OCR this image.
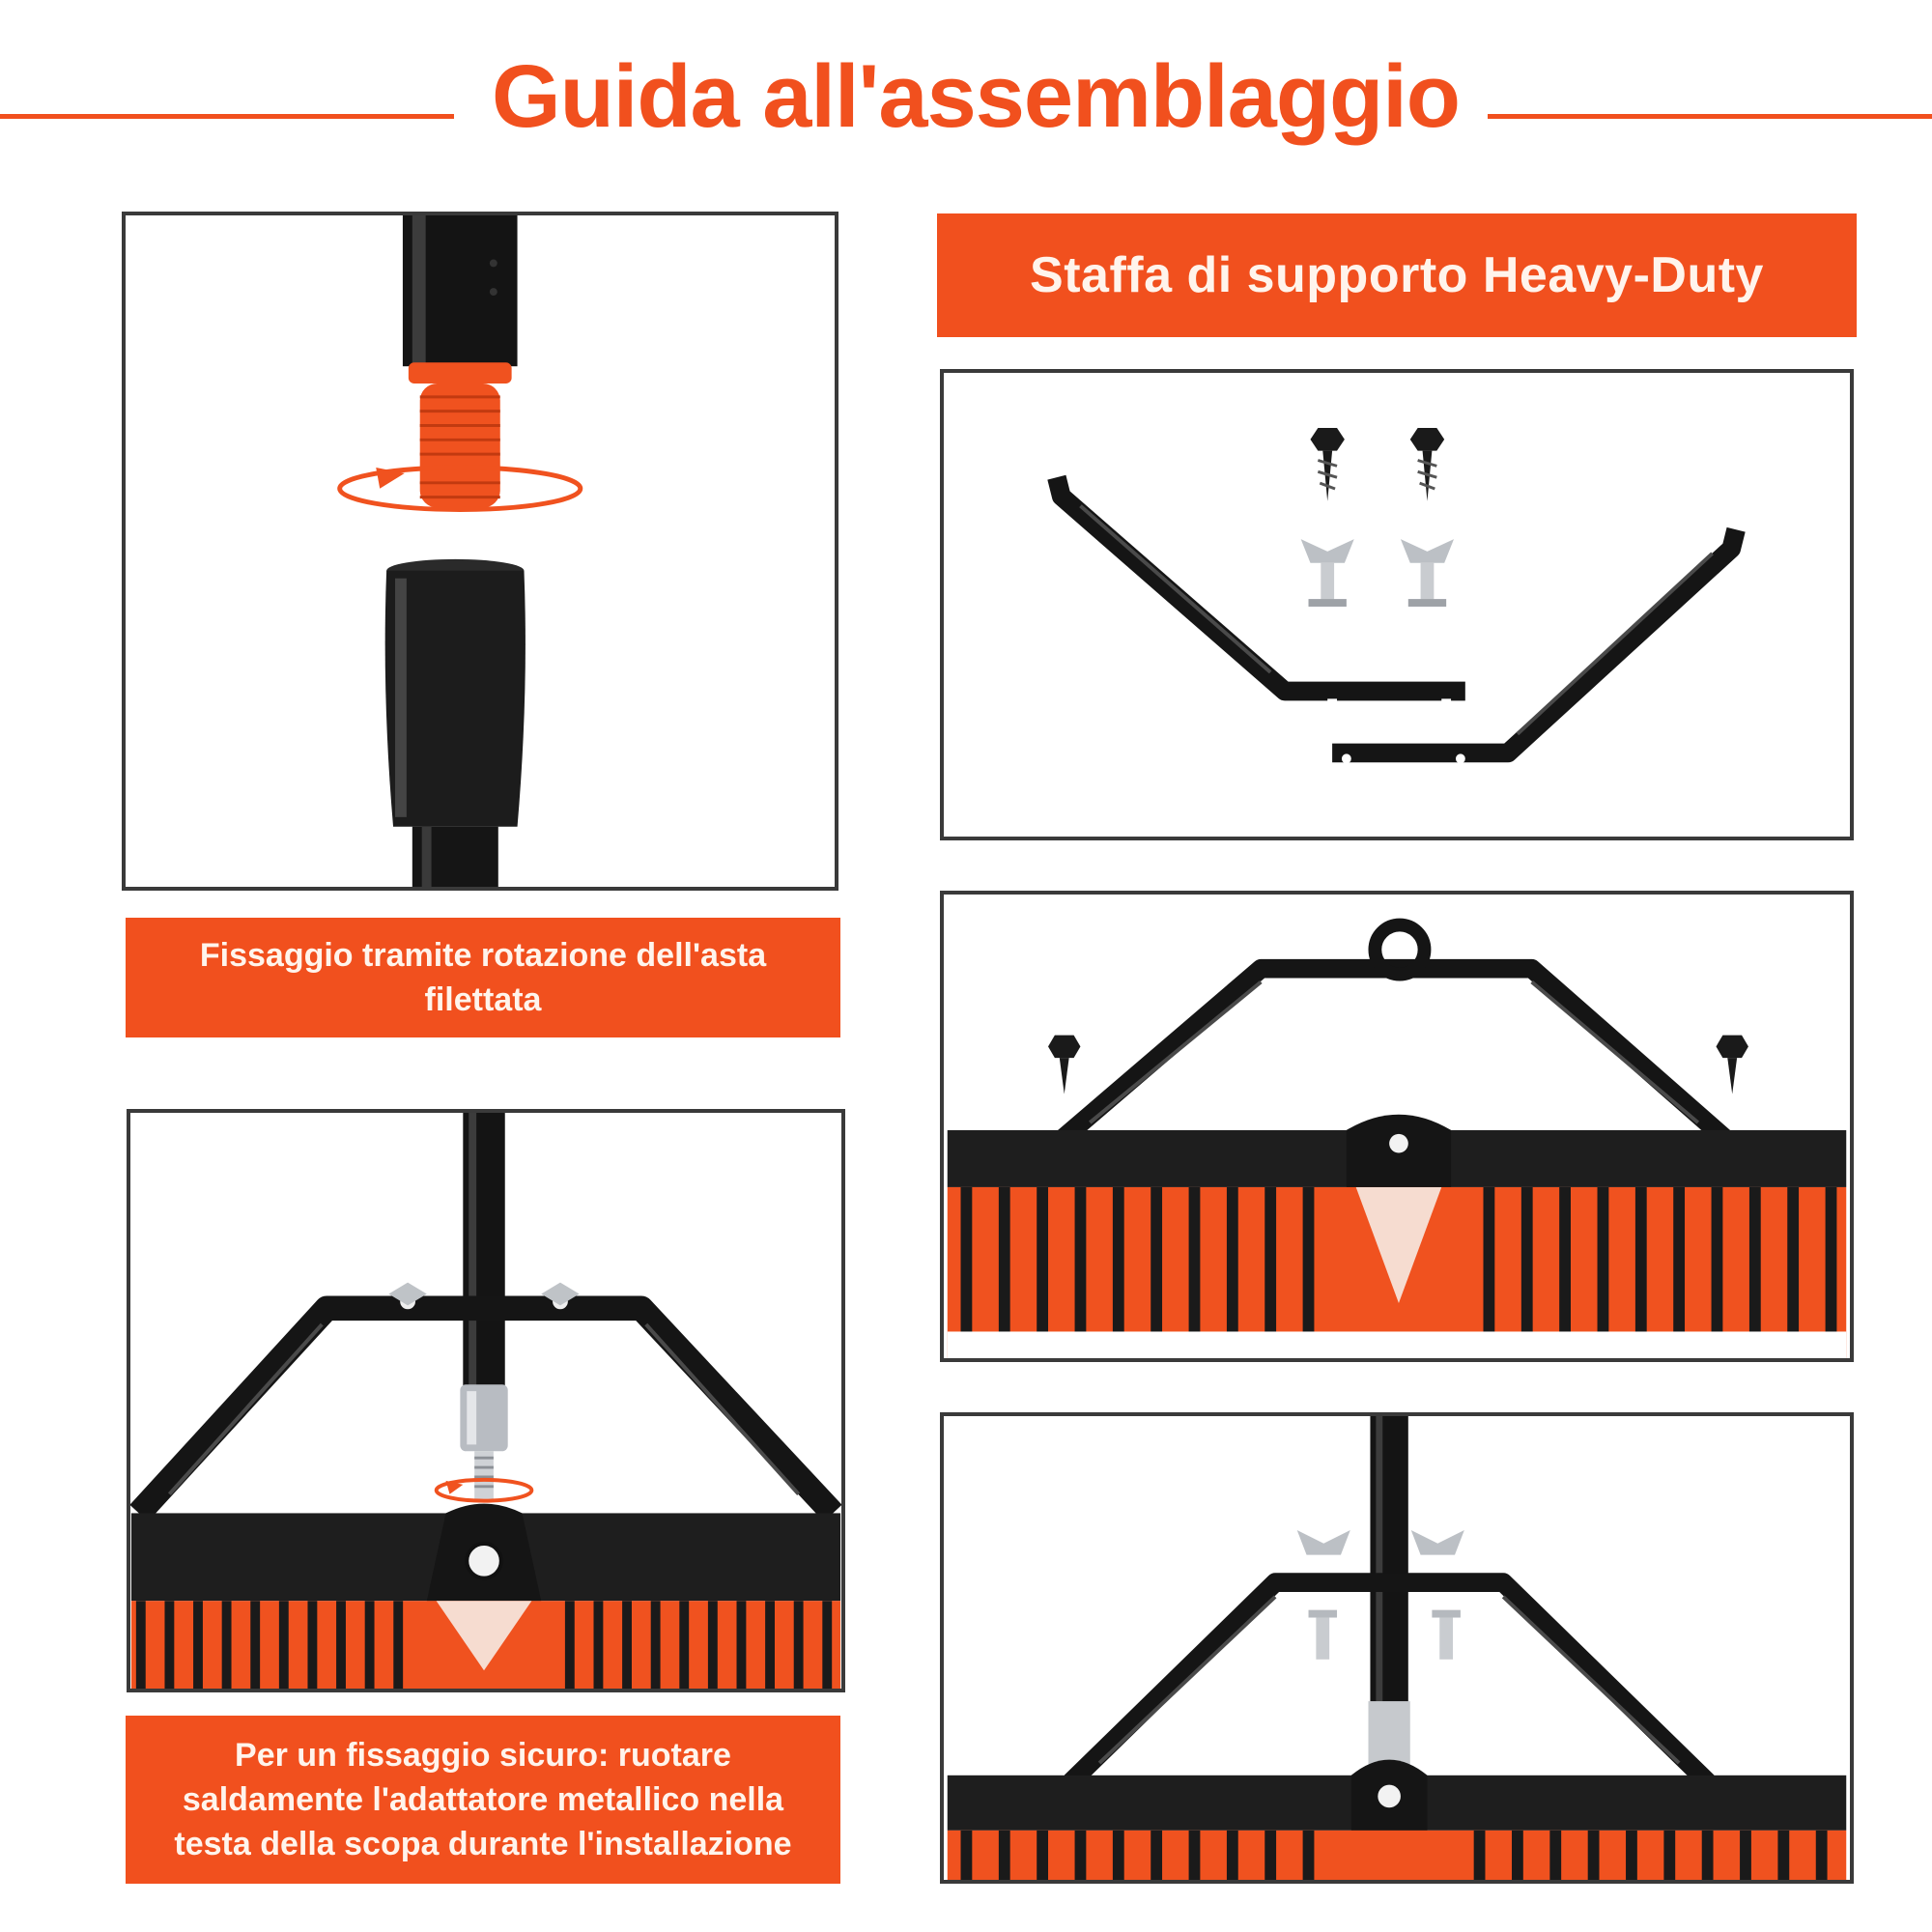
Guida all'assemblaggio
Fissaggio tramite rotazione dell'asta filettata
Per un fissaggio sicuro: ruotare saldamente l'adattatore metallico nella testa della scopa durante l'installazione
Staffa di supporto Heavy-Duty
